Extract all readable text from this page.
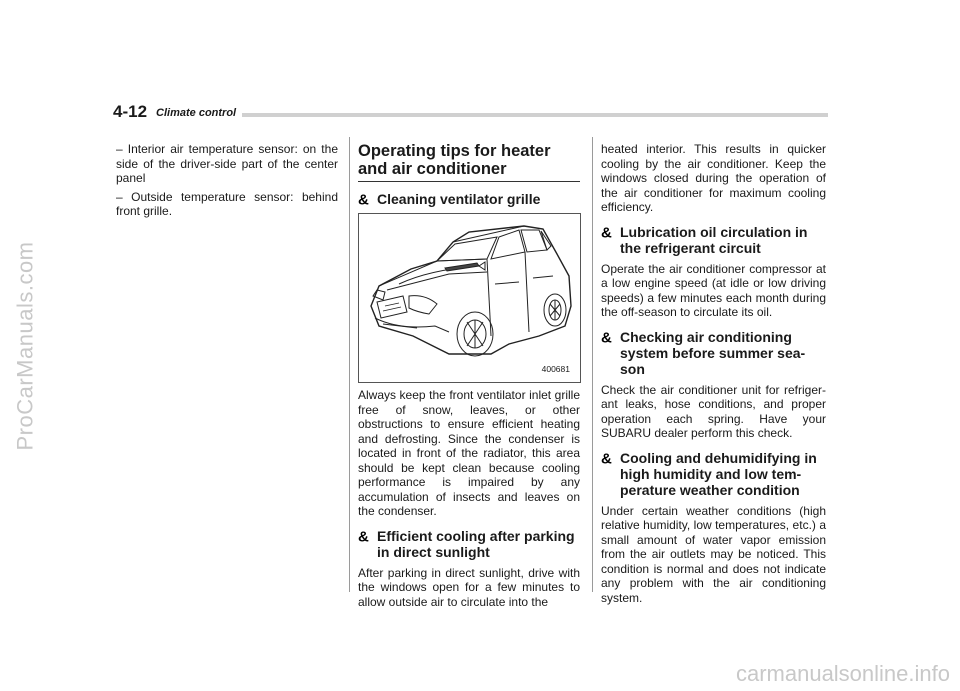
ProCarManuals.com
carmanualsonline.info
4-12 Climate control

– Interior air temperature sensor: on the side of the driver-side part of the center panel

– Outside temperature sensor: behind front grille.

Operating tips for heater and air conditioner
& Cleaning ventilator grille
400681

Always keep the front ventilator inlet grille free of snow, leaves, or other obstructions to ensure efficient heating and defrosting. Since the condenser is located in front of the radiator, this area should be kept clean because cooling performance is impaired by any accumulation of insects and leaves on the condenser.

& Efficient cooling after parking in direct sunlight

After parking in direct sunlight, drive with the windows open for a few minutes to allow outside air to circulate into the

heated interior. This results in quicker cooling by the air conditioner. Keep the windows closed during the operation of the air conditioner for maximum cooling efficiency.

& Lubrication oil circulation in the refrigerant circuit

Operate the air conditioner compressor at a low engine speed (at idle or low driving speeds) a few minutes each month during the off-season to circulate its oil.

& Checking air conditioning system before summer sea-son

Check the air conditioner unit for refriger-ant leaks, hose conditions, and proper operation each spring. Have your SUBARU dealer perform this check.

& Cooling and dehumidifying in high humidity and low tem-perature weather condition

Under certain weather conditions (high relative humidity, low temperatures, etc.) a small amount of water vapor emission from the air outlets may be noticed. This condition is normal and does not indicate any problem with the air conditioning system.
